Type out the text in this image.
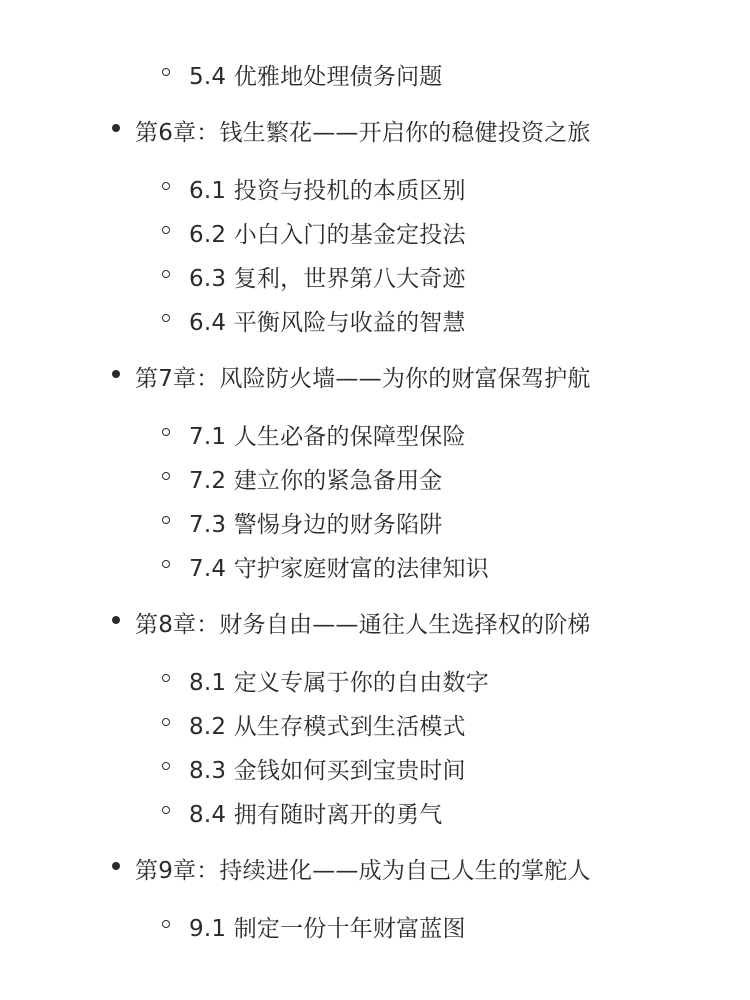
5.4 优雅地处理债务问题
第6章：钱生繁花——开启你的稳健投资之旅
6.1 投资与投机的本质区别
6.2 小白入门的基金定投法
6.3 复利，世界第八大奇迹
6.4 平衡风险与收益的智慧
第7章：风险防火墙——为你的财富保驾护航
7.1 人生必备的保障型保险
7.2 建立你的紧急备用金
7.3 警惕身边的财务陷阱
7.4 守护家庭财富的法律知识
第8章：财务自由——通往人生选择权的阶梯
8.1 定义专属于你的自由数字
8.2 从生存模式到生活模式
8.3 金钱如何买到宝贵时间
8.4 拥有随时离开的勇气
第9章：持续进化——成为自己人生的掌舵人
9.1 制定一份十年财富蓝图
